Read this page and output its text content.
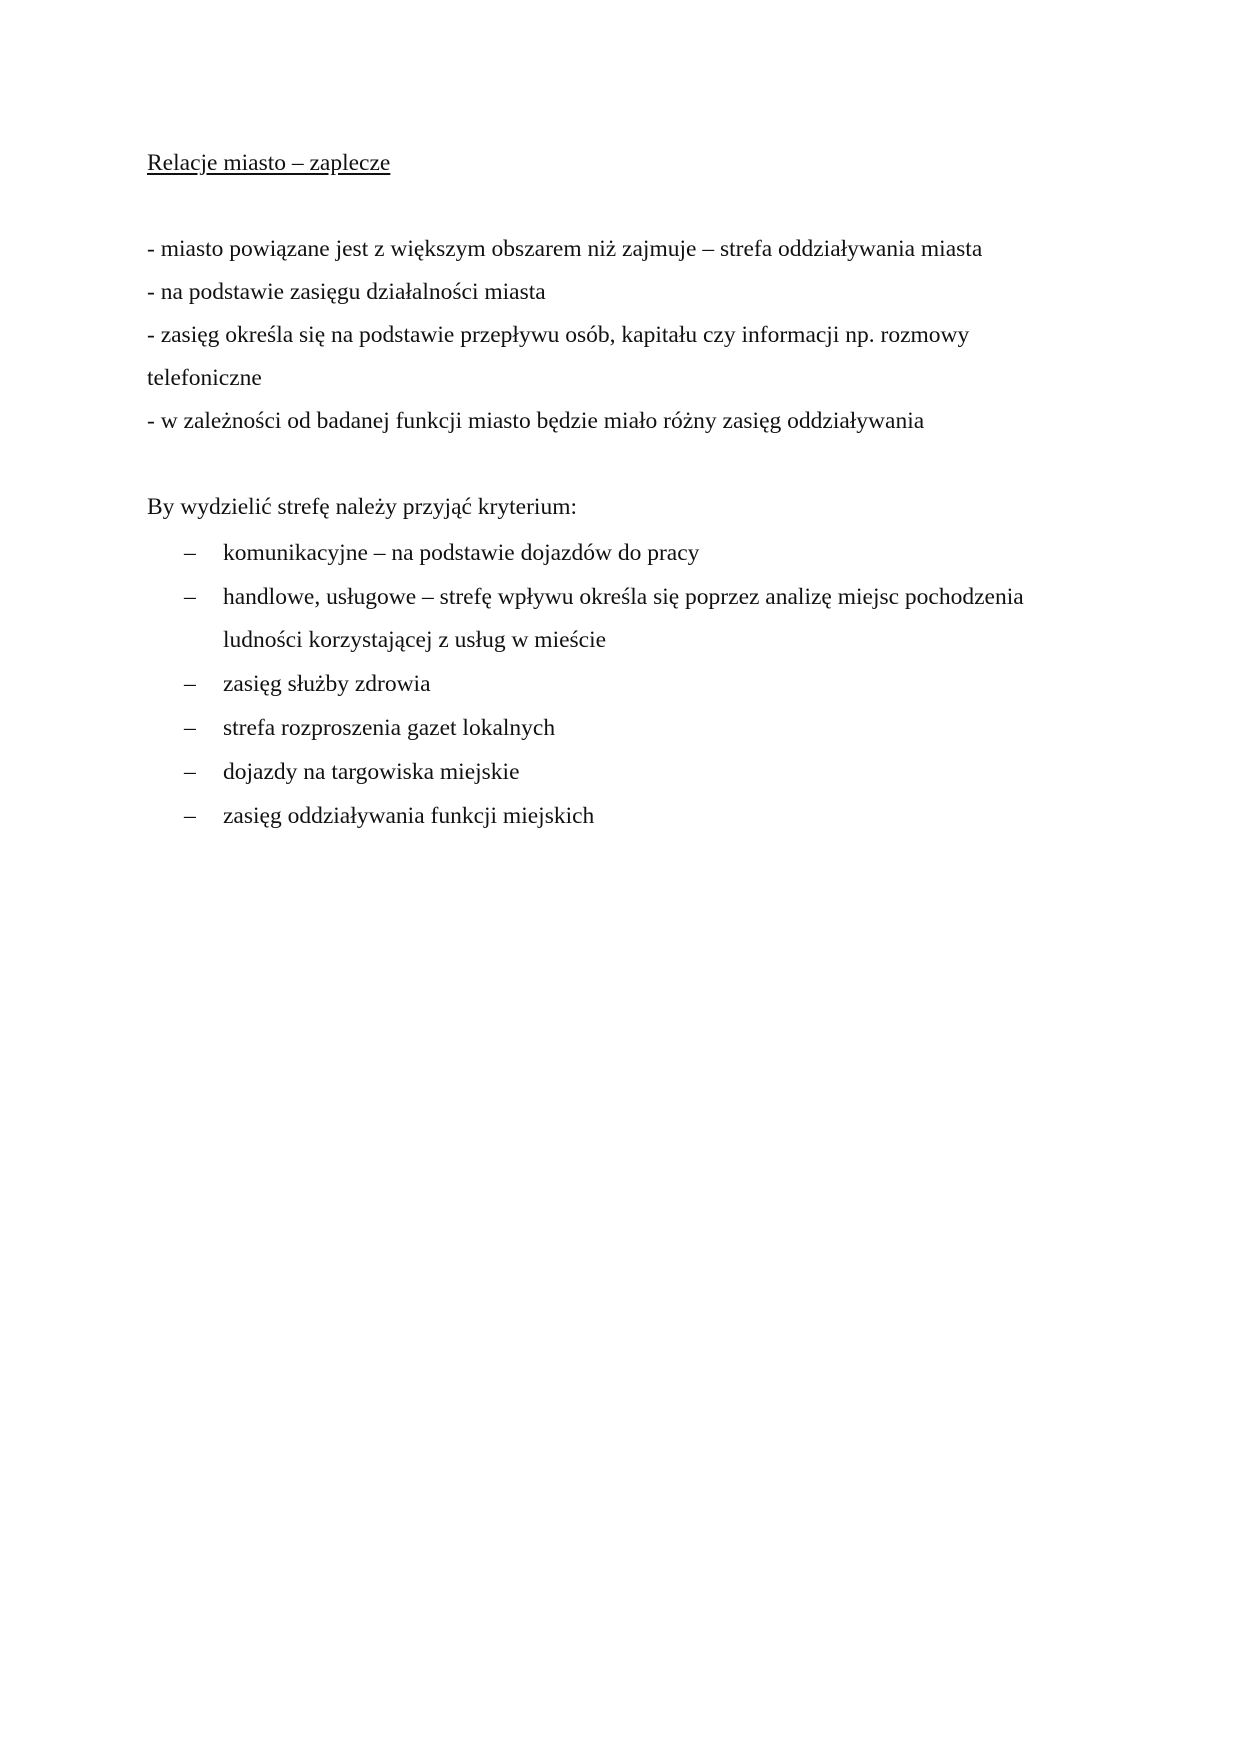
Relacje miasto – zaplecze

- miasto powiązane jest z większym obszarem niż zajmuje – strefa oddziaływania miasta

- na podstawie zasięgu działalności miasta

- zasięg określa się na podstawie przepływu osób, kapitału czy informacji np. rozmowy telefoniczne

- w zależności od badanej funkcji miasto będzie miało różny zasięg oddziaływania

By wydzielić strefę należy przyjąć kryterium:

– komunikacyjne – na podstawie dojazdów do pracy
– handlowe, usługowe – strefę wpływu określa się poprzez analizę miejsc pochodzenia ludności korzystającej z usług w mieście
– zasięg służby zdrowia
– strefa rozproszenia gazet lokalnych
– dojazdy na targowiska miejskie
– zasięg oddziaływania funkcji miejskich
